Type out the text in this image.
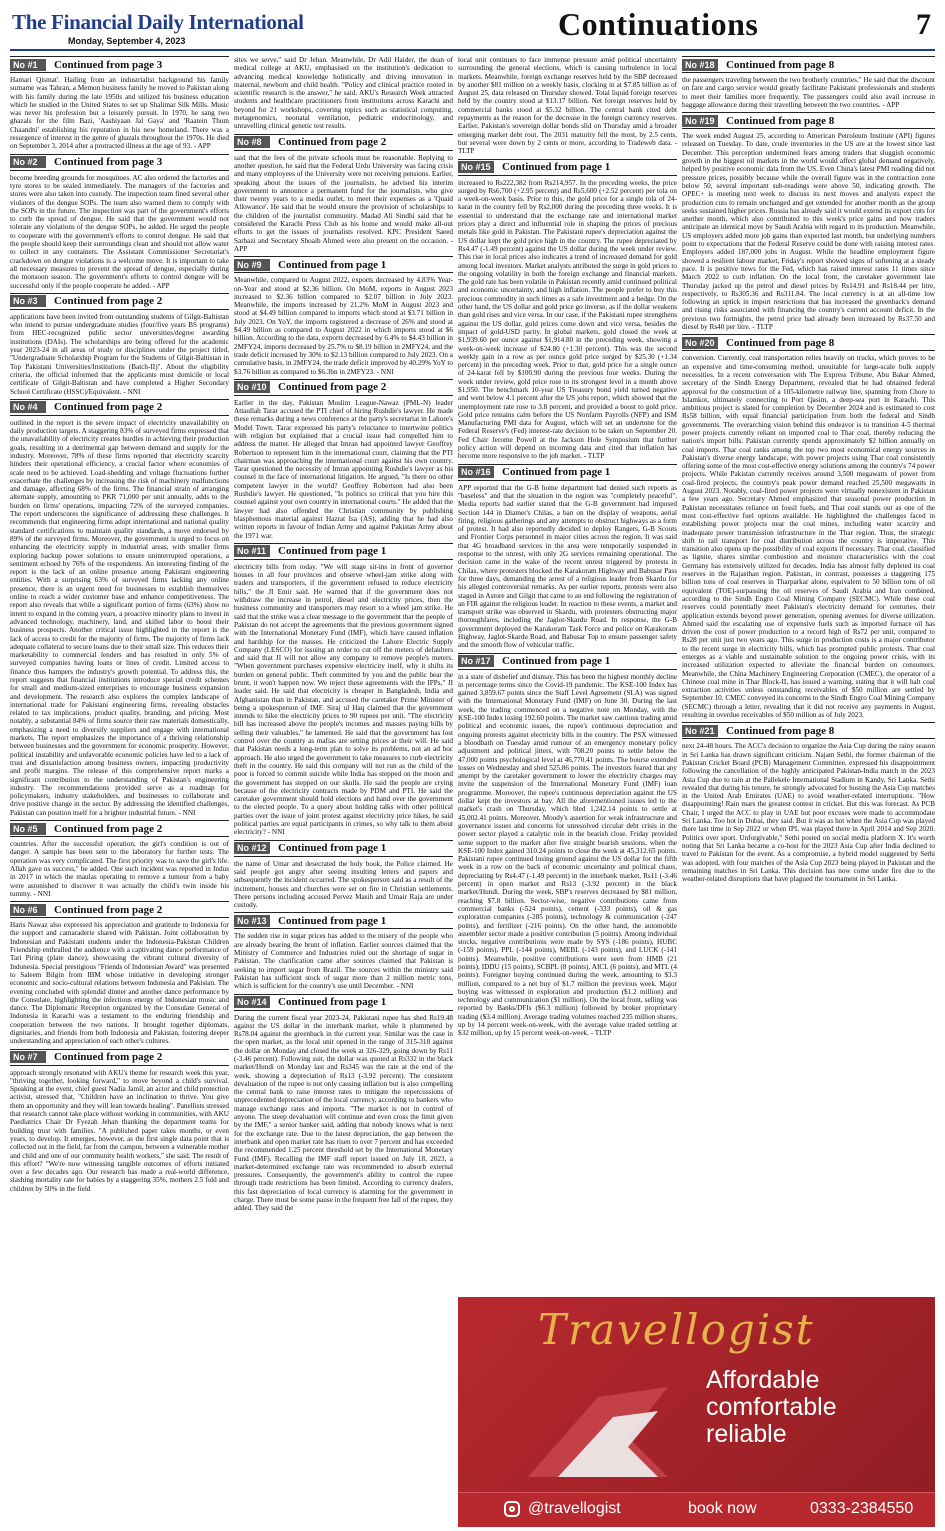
The Financial Daily International
Monday, September 4, 2023	Continuations	7
No #1	Continued from page 3

Hamari Qismat'. Hailing from an industrialist background his family surname was Tahran, a Memon business family he moved to Pakistan along with his family during the late 1950s and utilized his business education which he studied in the United States to set up Shalimar Silk Mills. Music was never his profession but a leisurely pursuit. In 1970, he sang two ghazals for the film Bazi, 'Aashiyaan Jal Gaya' and 'Raatein Thum Chaandni' establishing his reputation in his new homeland. There was a resurgence of interest in the genre of ghazals throughout the 1970s. He died on September 3, 2014 after a protracted illness at the age of 93. - APP

No #2	Continued from page 3

become breeding grounds for mosquitoes. AC also ordered the factories and tyre stores to be sealed immediately. The managers of the factories and stores were also taken into custody. The inspection team fined several other violators of the dengue SOPs. The team also warned them to comply with the SOPs in the future. The inspection was part of the government's efforts to curb the spread of dengue. He said that the government would not tolerate any violations of the dengue SOPs, he added. He urged the people to cooperate with the government's efforts to control dengue. He said that the people should keep their surroundings clean and should not allow water to collect in any containers. The Assistant Commissioner Secretariat's crackdown on dengue violations is a welcome move. It is important to take all necessary measures to prevent the spread of dengue, especially during the monsoon season. The government's efforts to control dengue will be successful only if the people cooperate he added. - APP

No #3	Continued from page 2

applications have been invited from outstanding students of Gilgit-Baltistan who intend to pursue undergraduate studies (four/five years BS programs) from HEC-recognized public sector universities/degree awarding institutions (DAIs). The scholarships are being offered for the academic year 2023-24 in all areas of study or disciplines under the project titled, "Undergraduate Scholarship Program for the Students of Gilgit-Baltistan in Top Pakistani Universities/Institutions (Batch-II)". About the eligibility criteria, the official informed that the applicants must domicile or local certificate of Gilgit-Baltistan and have completed a Higher Secondary School Certificate (HSSC)/Equivalent. - NNI

No #4	Continued from page 2

outlined in the report is the severe impact of electricity unavailability on daily production targets. A staggering 83% of surveyed firms expressed that the unavailability of electricity creates hurdles in achieving their production goals, resulting in a detrimental gap between demand and supply for the industry. Moreover, 78% of these firms reported that electricity scarcity hinders their operational efficiency, a crucial factor where economies of scale need to be achieved. Load-shedding and voltage fluctuations further exacerbate the challenges by increasing the risk of machinery malfunctions and damage, affecting 68% of the firms. The financial strain of arranging alternate supply, amounting to PKR 71,000 per unit annually, adds to the burden on firms' operations, impacting 72% of the surveyed companies. The report underscores the significance of addressing these challenges. It recommends that engineering firms adopt international and national quality standard certifications to maintain quality standards, a move endorsed by 89% of the surveyed firms. Moreover, the government is urged to focus on enhancing the electricity supply in industrial areas, with smaller firms exploring backup power solutions to ensure uninterrupted operations, a sentiment echoed by 76% of the respondents. An interesting finding of the report is the lack of an online presence among Pakistani engineering entities. With a surprising 63% of surveyed firms lacking any online presence, there is an urgent need for businesses to establish themselves online to reach a wider customer base and enhance competitiveness. The report also reveals that while a significant portion of firms (63%) show no intent to expand in the coming years, a proactive minority plans to invest in advanced technology, machinery, land, and skilled labor to boost their business prospects. Another critical issue highlighted in the report is the lack of access to credit for the majority of firms. The majority of firms lack adequate collateral to secure loans due to their small size. This reduces their marketability to commercial lenders and has resulted in only 5% of surveyed companies having loans or lines of credit. Limited access to finance thus hampers the industry's growth potential. To address this, the report suggests that financial institutions introduce special credit schemes for small and medium-sized enterprises to encourage business expansion and development. The research also explores the complex landscape of international trade for Pakistani engineering firms, revealing obstacles related to tax implications, product quality, branding, and pricing. Most notably, a substantial 84% of firms source their raw materials domestically, emphasizing a need to diversify suppliers and engage with international markets. The report emphasizes the importance of a thriving relationship between businesses and the government for economic prosperity. However, political instability and unfavorable economic policies have led to a lack of trust and dissatisfaction among business owners, impacting productivity and profit margins. The release of this comprehensive report marks a significant contribution to the understanding of Pakistan's engineering industry. The recommendations provided serve as a roadmap for policymakers, industry stakeholders, and businesses to collaborate and drive positive change in the sector. By addressing the identified challenges, Pakistan can position itself for a brighter industrial future. - NNI

No #5	Continued from page 2

countries. After the successful operation, the girl's condition is out of danger. A sample has been sent to the laboratory for further tests. The operation was very complicated. The first priority was to save the girl's life. Allah gave us success," he added. One such incident was reported in Indus in 2017 in which the maulas operating to remove a tumour from a baby were astonished to discover it was actually the child's twin inside his tummy. - NNI

No #6	Continued from page 2

Haris Nawaz also expressed his appreciation and gratitude to Indonesia for the support and camaraderie shared with Pakistan. Joint collaboration by Indonesian and Pakistani students under the Indonesia-Pakistan Children Friendship enthralled the audience with a captivating dance performance of Tari Piring (plate dance), showcasing the vibrant cultural diversity of Indonesia. Special prestigious "Friends of Indonesian Award" was presented to Saleem Bilgin from IBM whose initiative in developing stronger economic and socio-cultural relations between Indonesia and Pakistan. The evening concluded with splendid dinner and another dance performance by the Consulate, highlighting the infectious energy of Indonesian music and dance. The Diplomatic Reception organized by the Consulate General of Indonesia in Karachi was a testament to the enduring friendship and cooperation between the two nations. It brought together diplomats, dignitaries, and friends from both Indonesia and Pakistan, fostering deeper understanding and appreciation of each other's cultures.

No #7	Continued from page 2

approach strongly resonated with AKU's theme for research week this year, "thriving together, looking forward," to move beyond a child's survival. Speaking at the event, chief guest Nadia Jamil, an actor and child protection activist, stressed that, "Children have an inclination to thrive. You give them an opportunity and they will lean towards healing". Panellists stressed that research cannot take place without working in communities, with AKU Paediatrics Chair Dr Fyezah Jehan thanking the department teams for building trust with families. "A published paper takes months, or even years, to develop. It emerges, however, as the first single data point that is collected out in the field, far from the campus, between a vulnerable mother and child and one of our community health workers," she said. The result of this effort? "We're now witnessing tangible outcomes of efforts initiated over a few decades ago. Our research has made a real-world difference, slashing mortality rate for babies by a staggering 35%, mothers 2.5 fold and children by 50% in the field

sites we serve," said Dr Jehan. Meanwhile, Dr Adil Haider, the dean of medical college at AKU, emphasised on the institution's dedication to advancing medical knowledge holistically and driving innovation in maternal, newborn and child health. "Policy and clinical practice rooted in scientific research is the answer," he said. AKU's Research Week attracted students and healthcare practitioners from institutions across Karachi and beyond for 21 workshops, covering topics such as statistical computing, metagenomics, neonatal ventilation, pediatric endocrinology, and unravelling clinical genetic test results.

No #8	Continued from page 2

said that the fees of the private schools must be reasonable. Replying to another question, he said that the Federal Urdu University was facing crisis and many employees of the University were not receiving pensions. Earlier, speaking about the issues of the journalists, he advised his interim government to announce a permanent fund for the journalists, who give their twenty years to a media outlet, to meet their expenses as a 'Quaid Allowance'. He said that he would ensure the provision of scholarships to the children of the journalist community. Madad Ali Sindhi said that he considered the Karachi Press Club as his home and would make all-out efforts to get the issues of journalists resolved. KPC President Saeed Sarbazi and Secretary Shoaib Ahmed were also present on the occasion. - APP

No #9	Continued from page 1

Meanwhile, compared to August 2022, exports decreased by 4.83% Year-on-Year and stood at $2.36 billion. On MoM, exports in August 2023 increased to $2.36 billion compared to $2.07 billion in July 2023. Meanwhile, the imports increased by 21.2% MoM in August 2023 and stood at $4.49 billion compared to imports which stood at $3.71 billion in July 2023. On YoY, the imports registered a decrease of 26% and stood at $4.49 billion as compared to August 2022 in which imports stood at $6 billion. According to the data, exports decreased by 6.4% to $4.43 billion in 2MFY24, imports decreased by 25.7% to $8.19 billion in 2MFY24, and the trade deficit increased by 30% to $2.13 billion compared to July 2023. On a cumulative basis, in 2MFY24, the trade deficit improved by 40.29% YoY to $3.76 billion as compared to $6.3bn in 2MFY23. - NNI

No #10	Continued from page 2

Earlier in the day, Pakistan Muslim League-Nawaz (PML-N) leader Attaullah Tarar accused the PTI chief of hiring Rushdie's lawyer. He made these remarks during a news conference at the party's secretariat in Lahore's Model Town. Tarar expressed his party's reluctance to intertwine politics with religion but explained that a crucial issue had compelled him to address the matter. He alleged that Imran had appointed lawyer Geoffrey Robertson to represent him in the international court, claiming that the PTI chairman was approaching the international court against his own country. Tarar questioned the necessity of Imran appointing Rushdie's lawyer as his counsel in the face of international litigation. He argued, "Is there no other competent lawyer in the world? Geoffrey Robertson had also been Rushdie's lawyer. He questioned, "Is politics so critical that you hire this counsel against your own country in international courts." He added that the lawyer had also offended the Christian community by publishing blasphemous material against Hazrat Isa (AS), adding that he had also written reports in favour of Indian Army and against Pakistan Army about the 1971 war.

No #11	Continued from page 1

electricity bills from today. "We will stage sit-ins in front of governor houses in all four provinces and observe wheel-jam strike along with traders and transporters, if the government refused to reduce electricity bills," the JI Emir said. He warned that if the government does not withdraw the increase in petrol, diesel and electricity prices, then the business community and transporters may resort to a wheel jam strike. He said that the strike was a clear message to the government that the people of Pakistan do not accept the agreements that the previous government signed with the International Monetary Fund (IMF), which have caused inflation and hardship for the masses. He criticized the Lahore Electric Supply Company (LESCO) for issuing an order to cut off the meters of defaulters and said that JI will not allow any company to remove people's meters. "When government purchases expensive electricity itself, why it shifts its burden on general public. Theft committed by you and the public bear the brunt, it won't happen now. We reject these agreements with the IPPs," JI leader said. He said that electricity is cheaper in Bangladesh, India and Afghanistan than in Pakistan, and accused the caretaker Prime Minister of being a spokesperson of IMF. Siraj ul Haq claimed that the government intends to hike the electricity prices to 90 rupees per unit. "The electricity bill has increased above the people's incomes and masses paying bills by selling their valuables," he lamented. He said that the government has lost control over the country as mafias are setting prices at their will. He said that Pakistan needs a long-term plan to solve its problems, not an ad hoc approach. He also urged the government to take measures to curb electricity theft in the country. He said this company will not run as the child of the poor is forced to commit suicide while India has stepped on the moon and the government has stepped on our skulls. He said the people are crying because of the electricity contracts made by PDM and PTI. He said the caretaker government should hold elections and hand over the government to the elected people. To a query about holding talks with other political parties over the issue of joint protest against electricity price hikes, he said political parties are equal participants in crimes, so why talk to them about electricity? - NNI

No #12	Continued from page 1

the name of Umar and desecrated the holy book, the Police claimed. He said people got angry after seeing insulting letters and papers and subsequently the incident occurred. The spokesperson said as a result of the incitement, houses and churches were set on fire in Christian settlements. Three persons including accused Pervez Masih and Umair Raja are under custody.

No #13	Continued from page 1

The sudden rise in sugar prices has added to the misery of the people who are already bearing the brunt of inflation. Earlier sources claimed that the Ministry of Commerce and Industries ruled out the shortage of sugar in Pakistan. The clarification came after sources claimed that Pakistan is seeking to import sugar from Brazil. The sources within the ministry said Pakistan has sufficient stock of sugar more than 2 million metric tons, which is sufficient for the country's use until December. - NNI

No #14	Continued from page 1

During the current fiscal year 2023-24, Pakistani rupee has shed Rs19.48 against the US dollar in the interbank market, while it plummeted by Rs78.04 against the greenback in the current year. Similar was the case in the open market, as the local unit opened in the range of 315-318 against the dollar on Monday and closed the week at 326-329, going down by Rs11 (-3.46 percent). Following suit, the dollar was quoted at Rs332 in the black market/Hundi on Monday last and Rs345 was the rate at the end of the week, showing a depreciation of Rs13 (-3.92 percent). The consistent devaluation of the rupee is not only causing inflation but is also compelling the central bank to raise interest rates to mitigate the repercussions of unprecedented depreciation of the local currency, according to bankers who manage exchange rates and imports. "The market is not in control of anyone. The steep devaluation will continue and even cross the limit given by the IMF," a senior banker said, adding that nobody knows what is next for the exchange rate. Due to the latest depreciation, the gap between the interbank and open market rate has risen to over 7 percent and has exceeded the recommended 1.25 percent threshold set by the International Monetary Fund (IMF). Recalling the IMF staff report issued on July 18, 2023, a market-determined exchange rate was recommended to absorb external pressures. Consequently, the government's ability to control the rupee through trade restrictions has been limited. According to currency dealers, this fast depreciation of local currency is alarming for the government in charge. There must be some pause in the frequent free fall of the rupee, they added. They said the

local unit continues to face immense pressure amid political uncertainty surrounding the general elections, which is causing turbulence in local markets. Meanwhile, foreign exchange reserves held by the SBP decreased by another $81 million on a weekly basis, clocking in at $7.85 billion as of August 25, data released on Thursday showed. Total liquid foreign reserves held by the country stood at $13.17 billion. Net foreign reserves held by commercial banks stood at $5.32 billion. The central bank cited debt repayments as the reason for the decrease in the foreign currency reserves. Earlier, Pakistan's sovereign dollar bonds slid on Thursday amid a broader emerging market debt rout. The 2031 maturity fell the most, by 2.5 cents, but several were down by 2 cents or more, according to Tradeweb data. - TLTP

No #15	Continued from page 1

increased to Rs222,382 from Rs214,957. In the preceding weeks, the price surged by Rs6,700 (+2.95 percent) and Rs5,600 (+2.52 percent) per tola on a week-on-week basis. Prior to this, the gold price for a single tola of 24-karat in the country fell by Rs2,000 during the preceding three weeks. It is essential to understand that the exchange rate and international market prices play a direct and influential role in shaping the prices of precious metals like gold in Pakistan. The Pakistani rupee's depreciation against the US dollar kept the gold price high in the country. The rupee depreciated by Rs4.47 (-1.49 percent) against the US dollar during the week under review. This rise in local prices also indicates a trend of increased demand for gold among local investors. Market analysts attributed the surge in gold prices to the ongoing volatility in both the foreign exchange and financial markets. The gold rate has been volatile in Pakistan recently amid continued political and economic uncertainty, and high inflation. The people prefer to buy this precious commodity in such times as a safe investment and a hedge. On the other hand, the US dollar and gold price go inverse, as if the dollar weakens than gold rises and vice versa. In our case, if the Pakistani rupee strengthens against the US dollar, gold prices come down and vice versa, besides the impact of gold-USD parity. In global markets, gold closed the week at $1,939.60 per ounce against $1,914.80 in the preceding week, showing a week-on-week increase of $24.80 (+1.30 percent). This was the second weekly gain in a row as per ounce gold price surged by $25.30 (+1.34 percent) in the preceding week. Prior to that, gold price for a single ounce of 24-karat fell by $100.90 during the previous four weeks. During the week under review, gold price rose to its strongest level in a month above $1,950. The benchmark 10-year US Treasury bond yield turned negative and went below 4.1 percent after the US jobs report, which showed that the unemployment rate rose to 3.8 percent, and provided a boost to gold price. Gold price remains calm before the US Nonfarm Payrolls (NFP) and ISM Manufacturing PMI data for August, which will set an undertone for the Federal Reserve's (Fed) interest-rate decision to be taken on September 20. Fed Chair Jerome Powell at the Jackson Hole Symposium that further policy action will depend on incoming data and cited that inflation has become more responsive to the job market. - TLTP

No #16	Continued from page 1

APP reported that the G-B home department had denied such reports as "baseless" and that the situation in the region was "completely peaceful". Media reports had earlier stated that the G-B government had imposed Section 144 in Diamer's Chilas, a ban on the display of weapons, aerial firing, religious gatherings and any attempts to obstruct highways as a form of protest. It had also reportedly decided to deploy Rangers, G-B Scouts and Frontier Corps personnel in major cities across the region. It was said that 4G broadband services in the area were temporarily suspended in response to the unrest, with only 2G services remaining operational. The decision came in the wake of the recent unrest triggered by protests in Chilas, where protesters blocked the Karakoram Highway and Babusar Pass for three days, demanding the arrest of a religious leader from Skardu for his alleged controversial remarks. As per earlier reports, protests were also staged in Astore and Gilgit that came to an end following the registration of an FIR against the religious leader. In reaction to these events, a market and transport strike was observed in Skardu, with protesters obstructing major thoroughfares, including the Jaglot-Skardu Road. In response, the G-B government deployed the Karakoram Task Force and police on Karakoram Highway, Jaglot-Skardu Road, and Babusar Top to ensure passenger safety and the smooth flow of vehicular traffic.

No #17	Continued from page 1

in a state of disbelief and dismay. This has been the highest monthly decline in percentage terms since the Covid-19 pandemic. The KSE-100 Index has gained 3,859.67 points since the Staff Level Agreement (SLA) was signed with the International Monetary Fund (IMF) on June 30. During the last week, the trading commenced on a negative note on Monday, with the KSE-100 Index losing 192.60 points. The market saw cautious trading amid political and economic issues, the rupee's continuous depreciation and ongoing protests against electricity bills in the country. The PSX witnessed a bloodbath on Tuesday amid rumour of an emergency monetary policy adjustment and political jitters, with 708.20 points to settle below the 47,000 points psychological level at 46,770.41 points. The bourse extended losses on Wednesday and shed 525.86 points. The investors feared that any attempt by the caretaker government to lower the electricity charges may invite the suspension of the International Monetary Fund (IMF) loan programme. Moreover, the rupee's continuous depreciation against the US dollar kept the investors at bay. All the aforementioned issues led to the market's crash on Thursday, which bled 1,242.14 points to settle at 45,002.41 points. Moreover, Moody's assertion for weak infrastructure and governance issues and concerns for unresolved circular debt crisis in the power sector played a catalytic role in the bearish close. Friday provided some support to the market after five straight bearish sessions, when the KSE-100 Index gained 310.24 points to close the week at 45,312.65 points. Pakistani rupee continued losing ground against the US dollar for the fifth week in a row on the back of economic uncertainty and political chaos, depreciating by Rs4.47 (-1.49 percent) in the interbank market, Rs11 (-3.46 percent) in open market and Rs13 (-3.92 percent) in the black market/Hundi. During the week, SBP's reserves decreased by $81 million, reaching $7.8 billion. Sector-wise, negative contributions came from commercial banks (-524 points), cement (-333 points), oil & gas exploration companies (-285 points), technology & communication (-247 points), and fertilizer (-216 points). On the other hand, the automobile assembler sector made a positive contribution (5 points). Among individual stocks, negative contributions were made by SYS (-186 points), HUBC (-159 points), PPL (-144 points), MEBL (-143 points), and LUCK (-141 points). Meanwhile, positive contributions were seen from HMB (21 points), IDDU (15 points), SCBPL (8 points), AICL (6 points), and MTL (4 points). Foreigner buying continued during the week, amounting to $3.3 million, compared to a net buy of $1.7 million the previous week. Major buying was witnessed in exploration and production ($1.2 million) and technology and communication ($1 million). On the local front, selling was reported by Banks/DFIs ($6.3 million) followed by broker proprietary trading ($3.4 million). Average trading volumes reached 235 million shares, up by 14 percent week-on-week, with the average value traded settling at $32 million, up by 15 percent week-on-week. - TLTP

No #18	Continued from page 8

the passengers traveling between the two brotherly countries." He said that the discount on fare and cargo service would greatly facilitate Pakistani professionals and students to meet their families more frequently. The passengers could also avail increase in baggage allowance during their travelling between the two countries. - APP

No #19	Continued from page 8

The week ended August 25, according to American Petroleum Institute (API) figures released on Tuesday. To date, crude inventories in the US are at the lowest since last December. This perception undermined fears among traders that sluggish economic growth in the biggest oil markets in the world would affect global demand negatively, helped by positive economic data from the US. Even China's latest PMI reading did not pressure prices, possibly because while the overall figure was in the contraction zone below 50, several important sub-readings were above 50, indicating growth. The OPEC+ is meeting next week to discuss its next moves and analysts expect the production cuts to remain unchanged and get extended for another month as the group seeks sustained higher prices. Russia has already said it would extend its export cuts for another month, which also contributed to this week's price gains and now traders anticipate an identical move by Saudi Arabia with regard to its production. Meanwhile, US employers added more job gains than expected last month, but underlying numbers point to expectations that the Federal Reserve could be done with raising interest rates. Employers added 187,000 jobs in August. While the headline employment figure showed a resilient labour market, Friday's report showed signs of softening at a steady pace. It is positive news for the Fed, which has raised interest rates 11 times since March 2022 to curb inflation. On the local front, the caretaker government late Thursday jacked up the petrol and diesel prices by Rs14.91 and Rs18.44 per litre, respectively, to Rs305.36 and Rs311.84. The local currency is at an all-time low following an uptick in import restrictions that has increased the greenback's demand and rising risks associated with financing the country's current account deficit. In the previous two fortnights, the petrol price had already been increased by Rs37.50 and diesel by Rs40 per litre. - TLTP

No #20	Continued from page 8

conversion. Currently, coal transportation relies heavily on trucks, which proves to be an expensive and time-consuming method, unsuitable for large-scale bulk supply necessities. In a recent conversation with The Express Tribune, Abu Bakar Ahmed, secretary of the Sindh Energy Department, revealed that he had obtained federal approval for the construction of a 105-kilometre railway line, spanning from Chore to Islamkot, ultimately connecting to Port Qasim, a deep-sea port in Karachi. This ambitious project is slated for completion by December 2024 and is estimated to cost Rs58 billion, with equal financial participation from both the federal and Sindh governments. The overarching vision behind this endeavor is to transition 4-5 thermal power projects currently reliant on imported coal to Thar coal, thereby reducing the nation's import bills. Pakistan currently spends approximately $2 billion annually on coal imports. Thar coal ranks among the top two most economical energy sources in Pakistan's diverse energy landscape, with power projects using Thar coal consistently offering some of the most cost-effective energy solutions among the country's 74 power projects. While Pakistan currently receives around 3,500 megawatts of power from coal-fired projects, the country's peak power demand reached 25,500 megawatts in August 2023. Notably, coal-fired power projects were virtually nonexistent in Pakistan a few years ago. Secretary Ahmed emphasized that seasonal power production in Pakistan necessitates reliance on fossil fuels, and Thar coal stands out as one of the most cost-effective fuel options available. He highlighted the challenges faced in establishing power projects near the coal mines, including water scarcity and inadequate power transmission infrastructure in the Thar region. Thus, the strategic shift to rail transport for coal distribution across the country is imperative. This transition also opens up the possibility of coal exports if necessary. Thar coal, classified as lignite, shares similar combustion and moisture characteristics with the coal Germany has extensively utilized for decades. India has almost fully depleted its coal reserves in the Rajasthan region. Pakistan, in contrast, possesses a staggering 175 billion tons of coal reserves in Tharparkar alone, equivalent to 50 billion tons of oil equivalent (TOE)-surpassing the oil reserves of Saudi Arabia and Iran combined, according to the Sindh Engro Coal Mining Company (SECMC). While these coal reserves could potentially meet Pakistan's electricity demand for centuries, their application extends beyond power generation, opening avenues for diverse utilization. Ahmed said the escalating use of expensive fuels such as imported furnace oil has driven the cost of power production to a record high of Rs72 per unit, compared to Rs28 per unit just two years ago. This surge in production costs is a major contributor to the recent surge in electricity bills, which has prompted public protests. Thar coal emerges as a viable and sustainable solution to the ongoing power crisis, with its increased utilization expected to alleviate the financial burden on consumers. Meanwhile, the China Machinery Engineering Corporation (CMEC), the operator of a Chinese coal mine in Thar Block-II, has issued a warning, stating that it will halt coal extraction activities unless outstanding receivables of $50 million are settled by September 10. CMEC conveyed its concerns to the Sindh Engro Coal Mining Company (SECMC) through a letter, revealing that it did not receive any payments in August, resulting in overdue receivables of $50 million as of July 2023.

No #21	Continued from page 8

next 24-48 hours. The ACC's decision to organize the Asia Cup during the rainy season in Sri Lanka has drawn significant criticism. Najam Sethi, the former chairman of the Pakistan Cricket Board (PCB) Management Committee, expressed his disappointment following the cancellation of the highly anticipated Pakistan-India match in the 2023 Asia Cup due to rain at the Pallekele International Stadium in Kandy, Sri Lanka. Sethi revealed that during his tenure, he strongly advocated for hosting the Asia Cup matches in the United Arab Emirates (UAE) to avoid weather-related interruptions. "How disappointing! Rain mars the greatest contest in cricket. But this was forecast. As PCB Chair, I urged the ACC to play in UAE but poor excuses were made to accommodate Sri Lanka. Too hot in Dubai, they said. But it was as hot when the Asia Cup was played there last time in Sep 2022 or when IPL was played there in April 2014 and Sep 2020. Politics over sport. Unforgivable," Sethi posted on social media platform X. It's worth noting that Sri Lanka became a co-host for the 2023 Asia Cup after India declined to travel to Pakistan for the event. As a compromise, a hybrid model suggested by Sethi was adopted, with four matches of the Asia Cup 2023 being played in Pakistan and the remaining matches in Sri Lanka. This decision has now come under fire due to the weather-related disruptions that have plagued the tournament in Sri Lanka.

Travellogist
Affordable
comfortable
reliable
@travellogist	book now	0333-2384550
